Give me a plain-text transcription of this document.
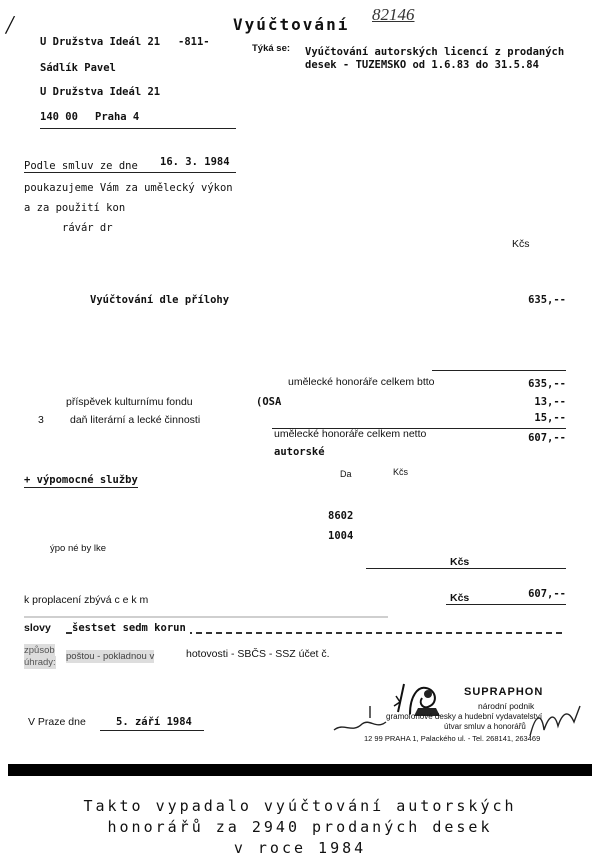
/	Vyúčtování
82146
U Družstva Ideál 21 -811-
Sádlík Pavel
U Družstva Ideál 21
140 00 Praha 4
Týká se: Vyúčtování autorských licencí z prodaných
desek - TUZEMSKO od 1.6.83 do 31.5.84
Podle smluv ze dne 16. 3. 1984
poukazujeme Vám za umělecký výkon
a za použití kon
rávár dr
Kčs
Vyúčtování dle přílohy	635,--
umělecké honoráře celkem btto	635,--
příspěvek kulturnímu fondu	(OSA	13,--
3 daň literární a lecké činnosti	15,--
umělecké honoráře celkem netto	607,--
autorské
Da	Kčs
+ výpomocné služby
8602
1004
ýpo né by lke
Kčs
k proplacení zbývá c e k m	Kčs	607,--
slovy šestset sedm korun
způsob
úhrady:
poštou - pokladnou v	hotovosti - SBČS - SSZ účet č.
V Praze dne	5. září 1984
SUPRAPHON
národní podnik
gramofonové desky a hudební vydavatelství
útvar smluv a honorářů
12 99 PRAHA 1, Palackého ul. - Tel. 268141, 263469
Takto vypadalo vyúčtování autorských
honorářů za 2940 prodaných desek
v roce 1984
